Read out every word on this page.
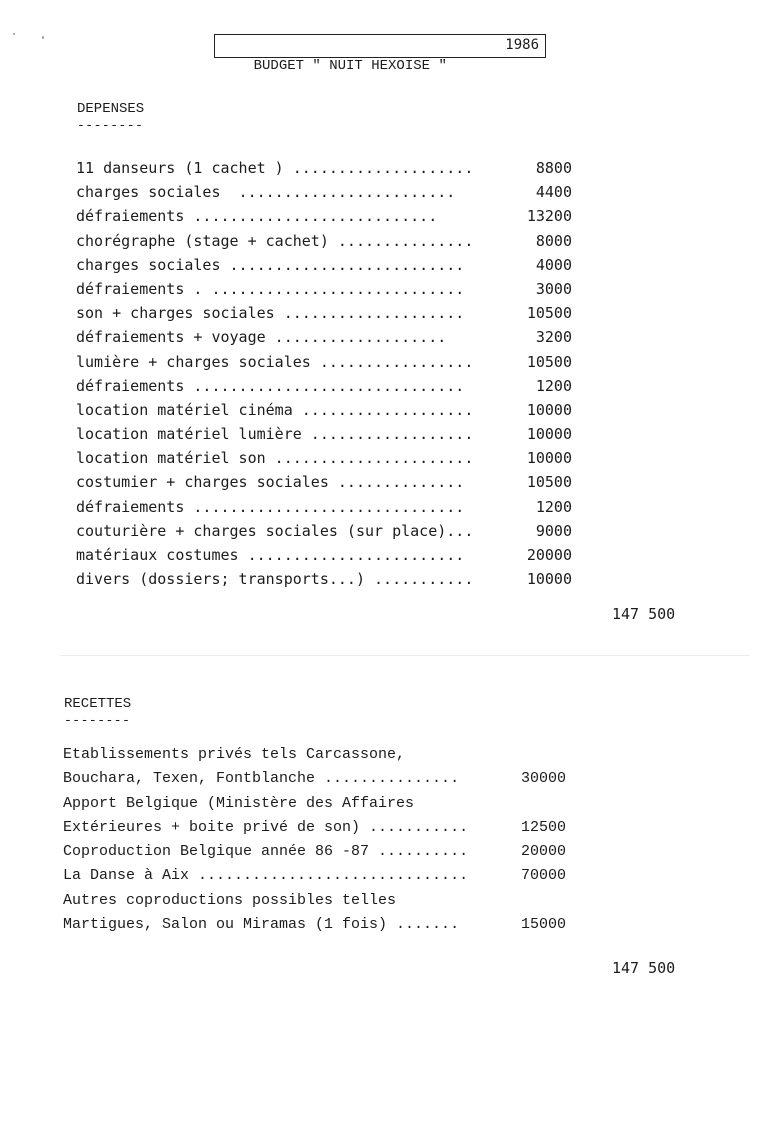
BUDGET " NUIT HEXOISE "

1986

DEPENSES
--------
11 danseurs (1 cachet ) ....................	8800
charges sociales  ........................	4400
défraiements ...........................	13200
chorégraphe (stage + cachet) ...............	8000
charges sociales ..........................	4000
défraiements . ............................	3000
son + charges sociales ....................	10500
défraiements + voyage ...................	3200
lumière + charges sociales .................	10500
défraiements ..............................	1200
location matériel cinéma ...................	10000
location matériel lumière ..................	10000
location matériel son ......................	10000
costumier + charges sociales ..............	10500
défraiements ..............................	1200
couturière + charges sociales (sur place)...	9000
matériaux costumes ........................	20000
divers (dossiers; transports...) ...........	10000
147 500
RECETTES
--------
Etablissements privés tels Carcassone,
Bouchara, Texen, Fontblanche ...............	30000
Apport Belgique (Ministère des Affaires
Extérieures + boite privé de son) ...........	12500
Coproduction Belgique année 86 -87 ..........	20000
La Danse à Aix ..............................	70000
Autres coproductions possibles telles
Martigues, Salon ou Miramas (1 fois) .......	15000
147 500
